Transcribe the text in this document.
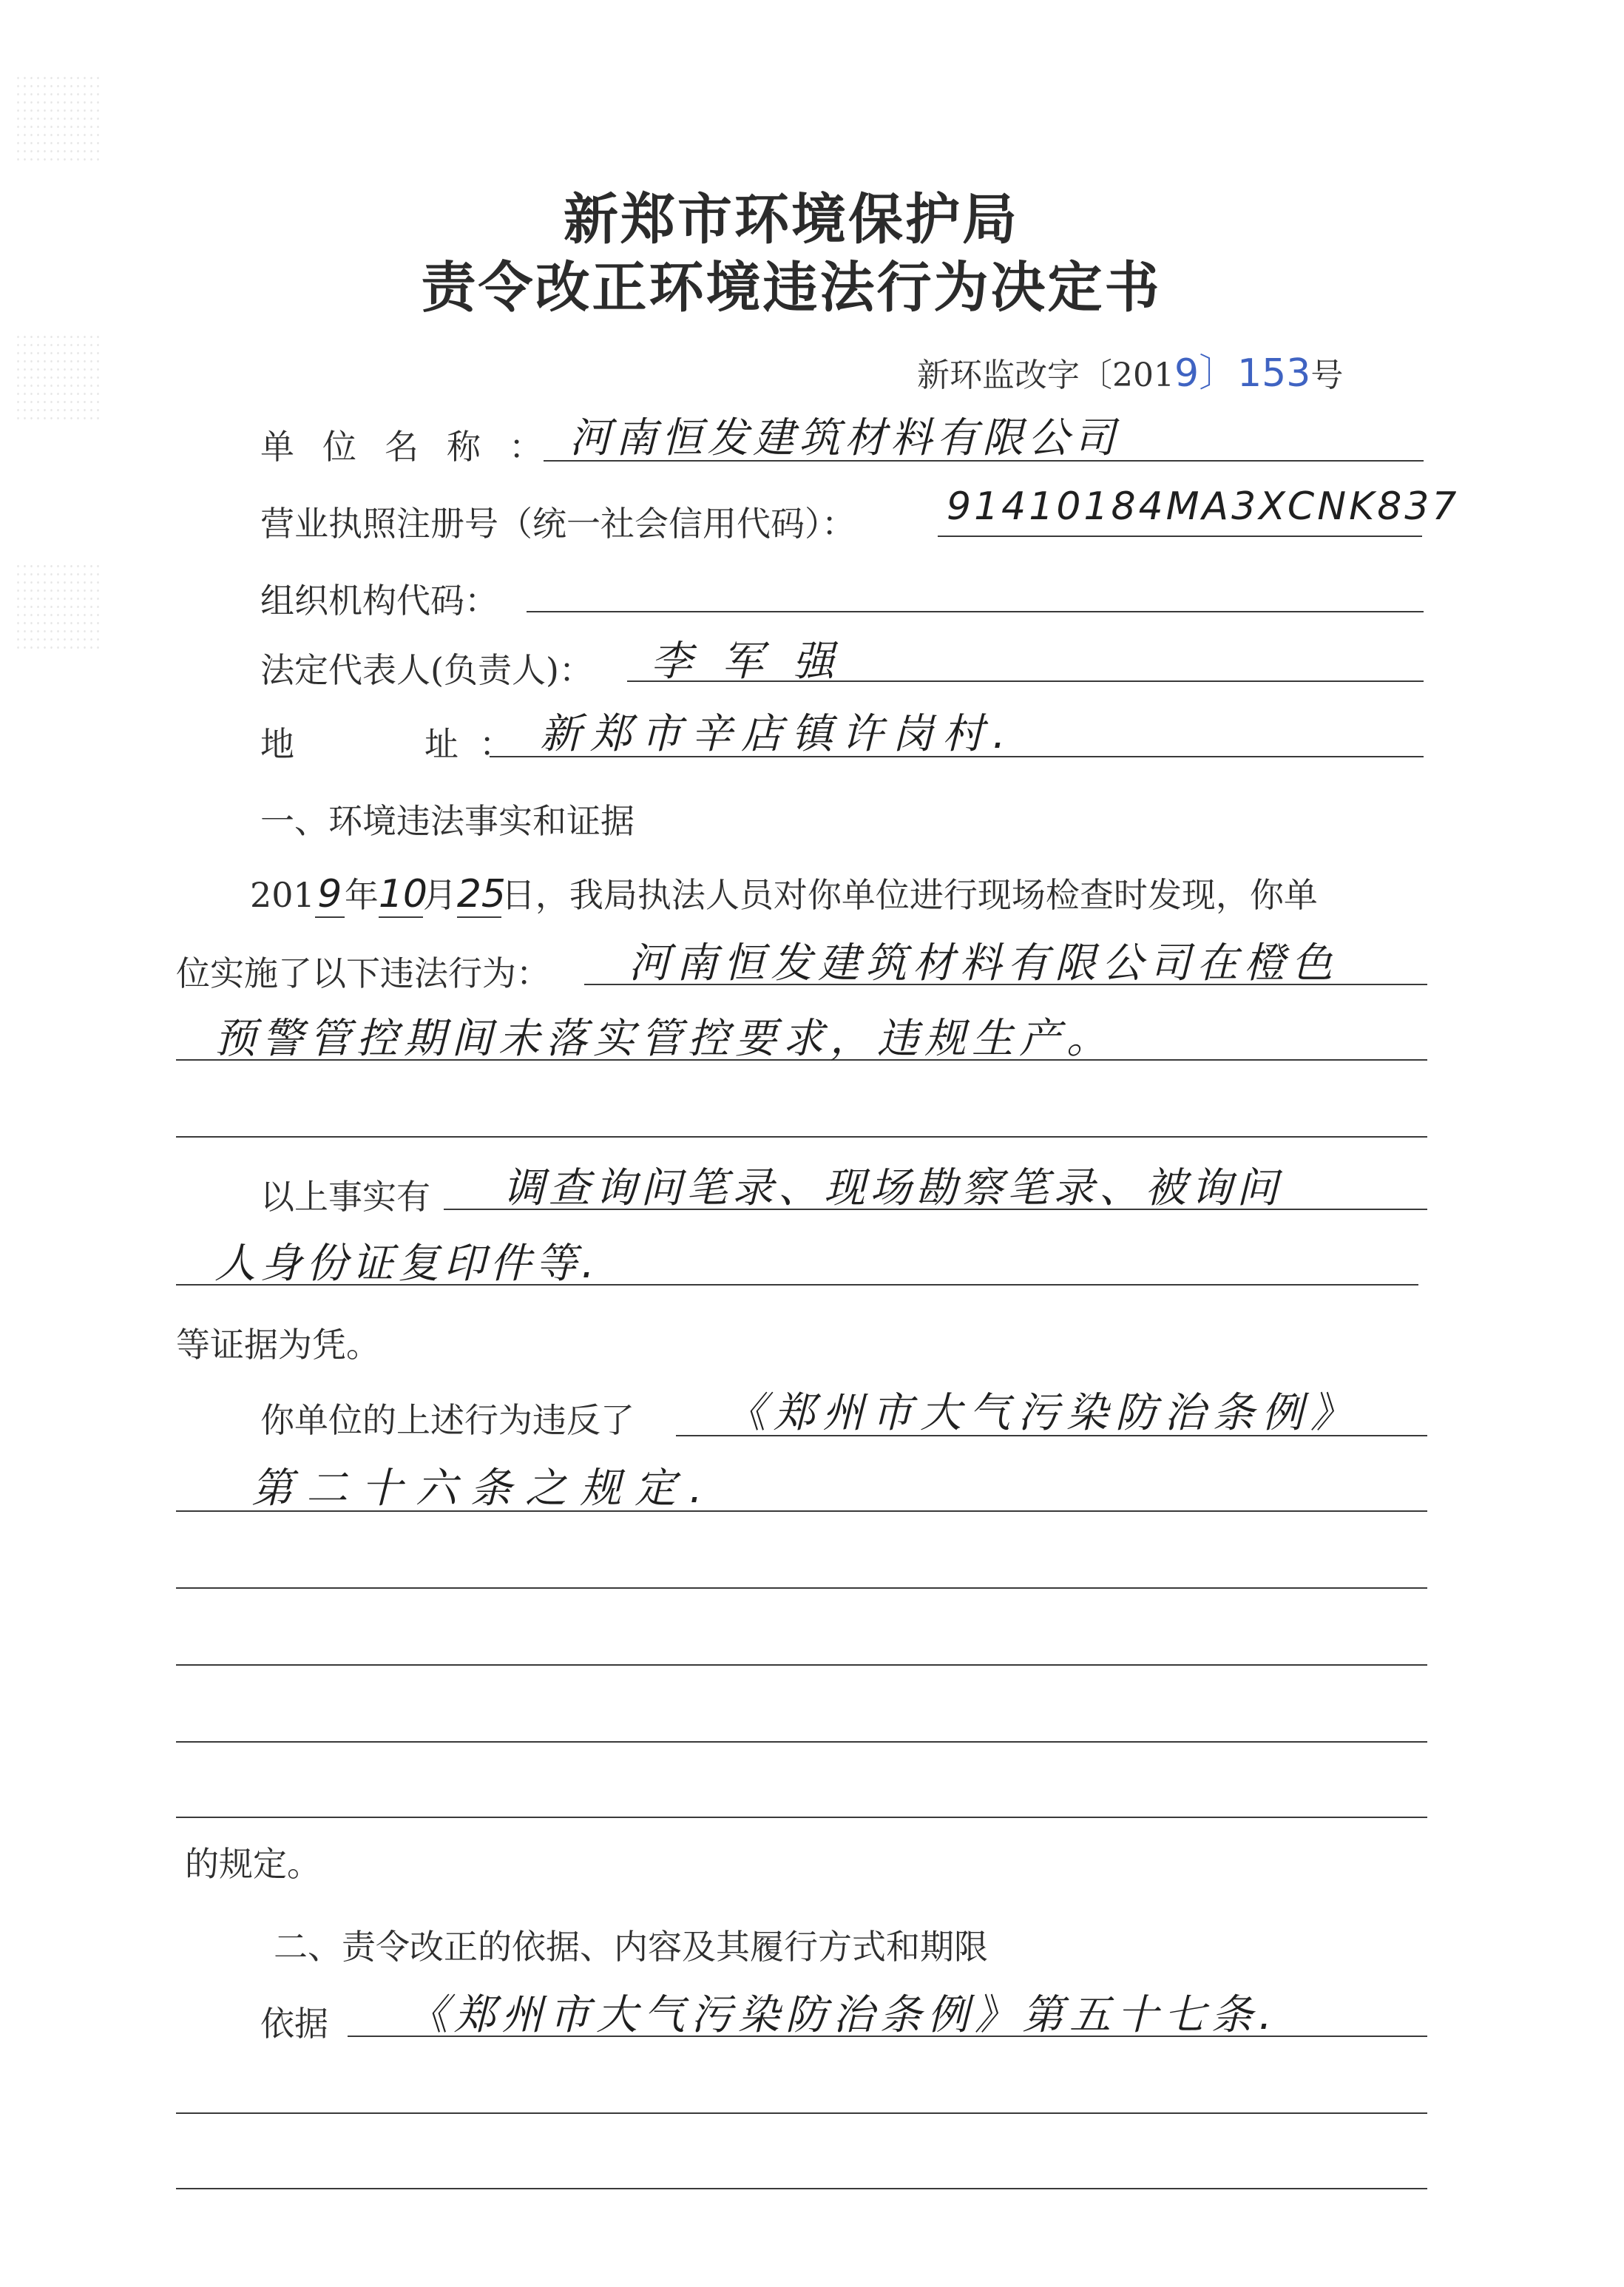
新郑市环境保护局
责令改正环境违法行为决定书
新环监改字〔2019〕153号
单位名称：
河南恒发建筑材料有限公司
营业执照注册号（统一社会信用代码）： 91410184MA3XCNK837
组织机构代码：
法定代表人(负责人)： 李军强
地　　址： 新郑市辛店镇许岗村.
一、环境违法事实和证据
2019年10月25日，我局执法人员对你单位进行现场检查时发现，你单
位实施了以下违法行为： 河南恒发建筑材料有限公司在橙色
预警管控期间未落实管控要求，违规生产。
以上事实有 调查询问笔录、现场勘察笔录、被询问
人身份证复印件等.
等证据为凭。
你单位的上述行为违反了 《郑州市大气污染防治条例》
第二十六条之规定.
的规定。
二、责令改正的依据、内容及其履行方式和期限
依据 《郑州市大气污染防治条例》第五十七条.
